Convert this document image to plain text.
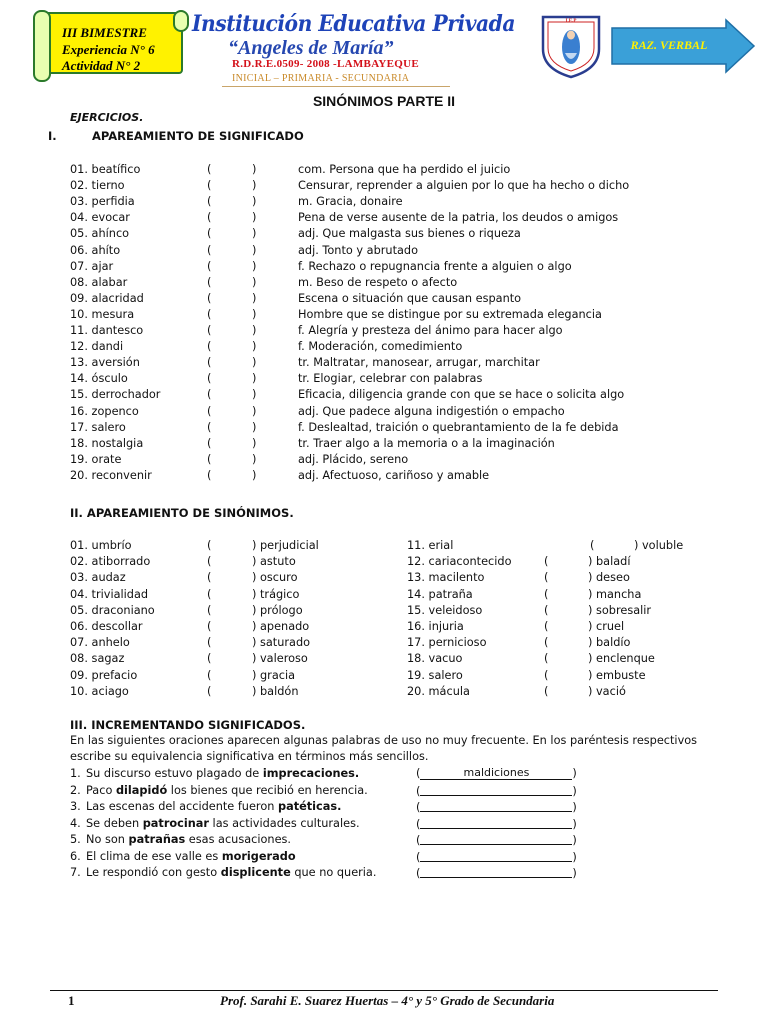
III BIMESTRE
Experiencia N° 6
Actividad N° 2
Institución Educativa Privada
“Angeles de María”
R.D.R.E.0509- 2008 -LAMBAYEQUE
INICIAL – PRIMARIA - SECUNDARIA
I.E.P
RAZ. VERBAL
SINÓNIMOS PARTE II
EJERCICIOS.
I.	APAREAMIENTO DE SIGNIFICADO
01. beatífico	(	)	com. Persona que ha perdido el juicio
02. tierno	(	)	Censurar, reprender a alguien por lo que ha hecho o dicho
03. perfidia	(	)	m. Gracia, donaire
04. evocar	(	)	Pena de verse ausente de la patria, los deudos o amigos
05. ahínco	(	)	adj. Que malgasta sus bienes o riqueza
06. ahíto	(	)	adj. Tonto y abrutado
07. ajar	(	)	f. Rechazo o repugnancia frente a alguien o algo
08. alabar	(	)	m. Beso de respeto o afecto
09. alacridad	(	)	Escena o situación que causan espanto
10. mesura	(	)	Hombre que se distingue por su extremada elegancia
11. dantesco	(	)	f. Alegría y presteza del ánimo para hacer algo
12. dandi	(	)	f. Moderación, comedimiento
13. aversión	(	)	tr. Maltratar, manosear, arrugar, marchitar
14. ósculo	(	)	tr. Elogiar, celebrar con palabras
15. derrochador	(	)	Eficacia, diligencia grande con que se hace o solicita algo
16. zopenco	(	)	adj. Que padece alguna indigestión o empacho
17. salero	(	)	f. Deslealtad, traición o quebrantamiento de la fe debida
18. nostalgia	(	)	tr. Traer algo a la memoria o a la imaginación
19. orate	(	)	adj. Plácido, sereno
20. reconvenir	(	)	adj. Afectuoso, cariñoso y amable
II. APAREAMIENTO DE SINÓNIMOS.
01. umbrío	(	) perjudicial	11. erial	(	) voluble
02. atiborrado	(	) astuto	12. cariacontecido	(	) baladí
03. audaz	(	) oscuro	13. macilento	(	) deseo
04. trivialidad	(	) trágico	14. patraña	(	) mancha
05. draconiano	(	) prólogo	15. veleidoso	(	) sobresalir
06. descollar	(	) apenado	16. injuria	(	) cruel
07. anhelo	(	) saturado	17. pernicioso	(	) baldío
08. sagaz	(	) valeroso	18. vacuo	(	) enclenque
09. prefacio	(	) gracia	19. salero	(	) embuste
10. aciago	(	) baldón	20. mácula	(	) vació
III. INCREMENTANDO SIGNIFICADOS.
En las siguientes oraciones aparecen algunas palabras de uso no muy frecuente. En los paréntesis respectivos
escribe su equivalencia significativa en términos más sencillos.
1. Su discurso estuvo plagado de imprecaciones.	(	maldiciones	)
2. Paco dilapidó los bienes que recibió en herencia.	(	)
3. Las escenas del accidente fueron patéticas.	(	)
4. Se deben patrocinar las actividades culturales.	(	)
5. No son patrañas esas acusaciones.	(	)
6. El clima de ese valle es morigerado	(	)
7. Le respondió con gesto displicente que no queria.	(	)
1	Prof. Sarahi E. Suarez Huertas – 4° y 5° Grado de Secundaria
